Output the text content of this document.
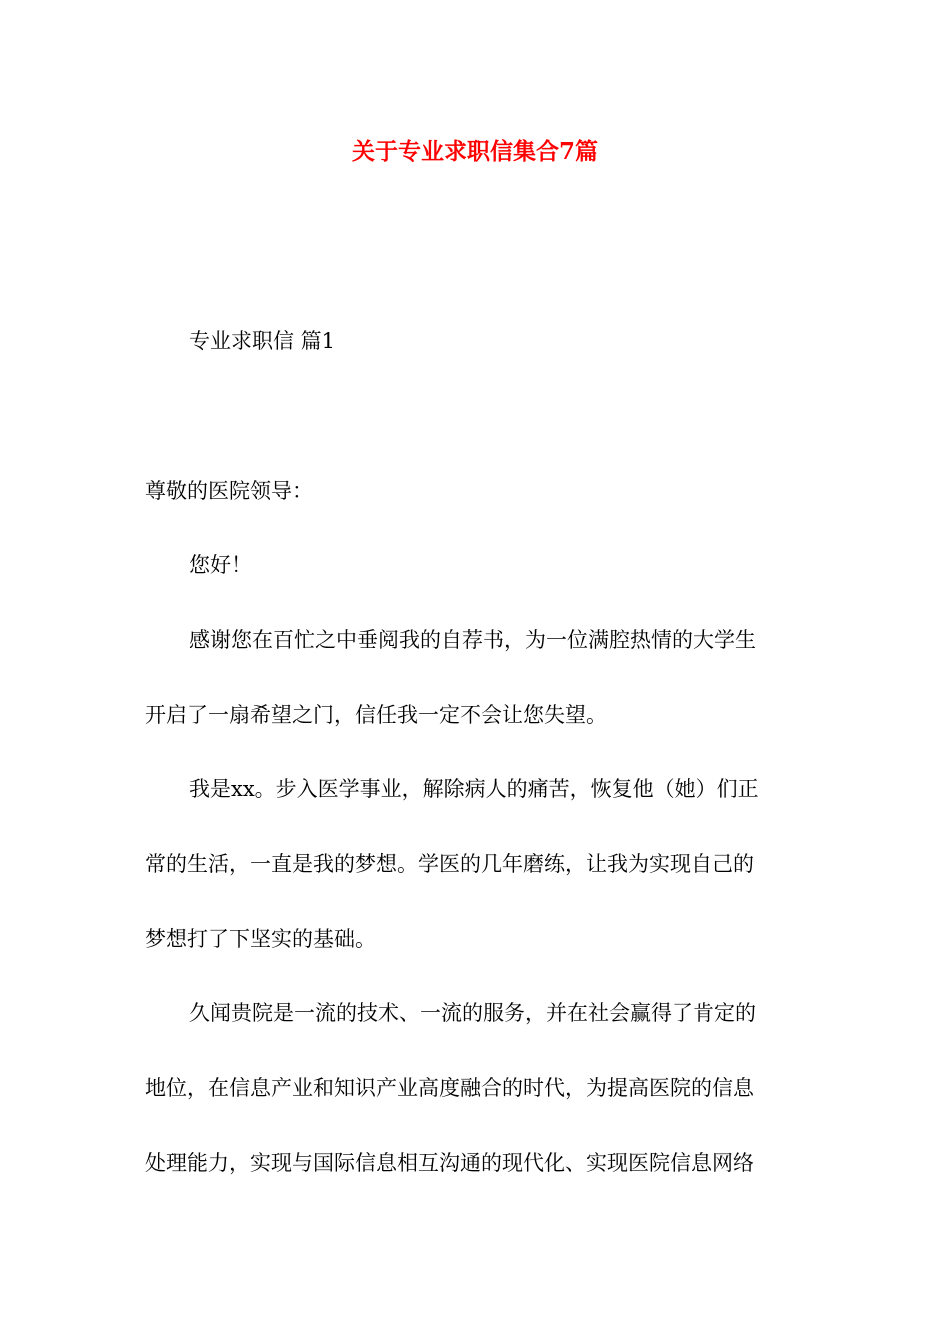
关于专业求职信集合7篇

专业求职信 篇1

尊敬的医院领导：

您好！

感谢您在百忙之中垂阅我的自荐书，为一位满腔热情的大学生

开启了一扇希望之门，信任我一定不会让您失望。

我是xx。步入医学事业，解除病人的痛苦，恢复他（她）们正

常的生活，一直是我的梦想。学医的几年磨练，让我为实现自己的

梦想打了下坚实的基础。

久闻贵院是一流的技术、一流的服务，并在社会赢得了肯定的

地位，在信息产业和知识产业高度融合的时代，为提高医院的信息

处理能力，实现与国际信息相互沟通的现代化、实现医院信息网络
